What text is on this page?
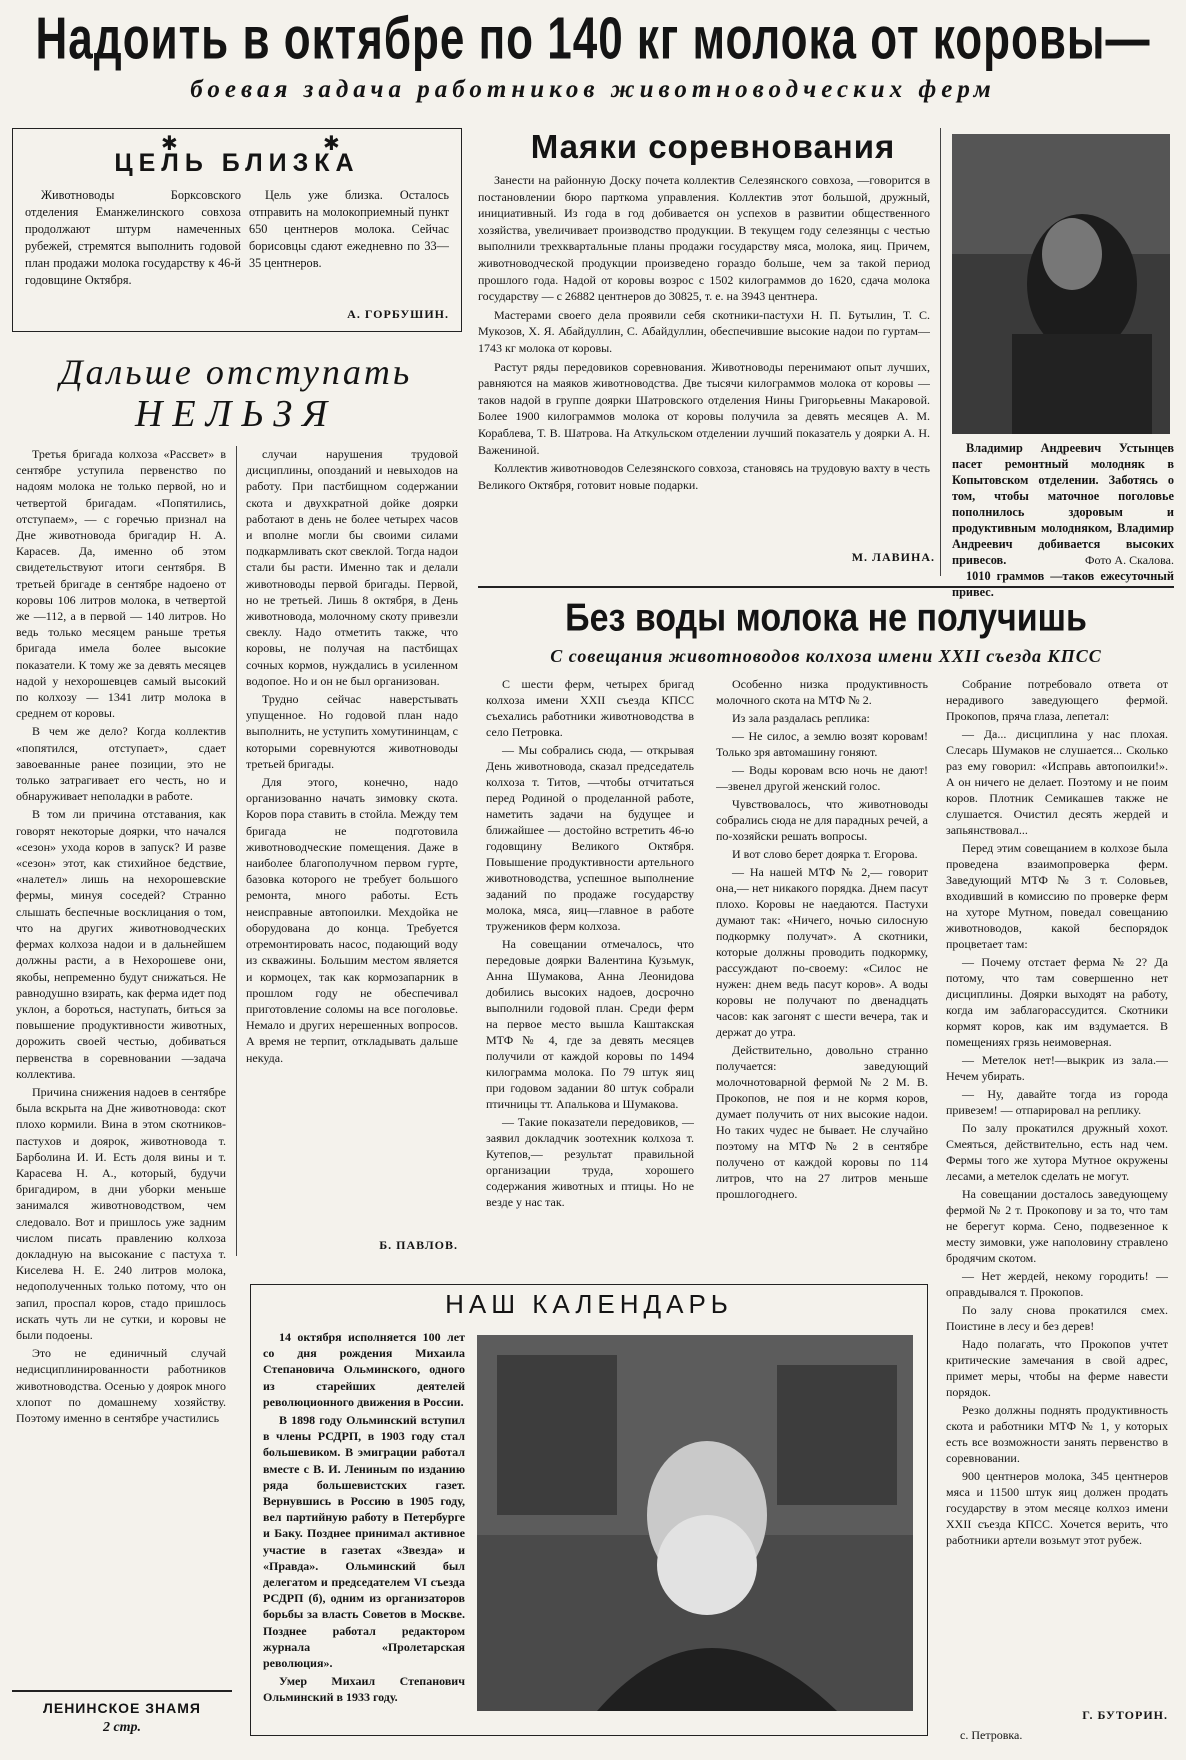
Надоить в октябре по 140 кг молока от коровы—
боевая задача работников животноводческих ферм
✱	✱
ЦЕЛЬ БЛИЗКА

Животноводы Борксовского отделения Еманжелинского совхоза продолжают штурм намеченных рубежей, стремятся выполнить годовой план продажи молока государству к 46-й годовщине Октября.

Цель уже близка. Осталось отправить на молокоприемный пункт 650 центнеров молока. Сейчас борисовцы сдают ежедневно по 33—35 центнеров.

А. ГОРБУШИН.
Маяки соревнования

Занести на районную Доску почета коллектив Селезянского совхоза, —говорится в постановлении бюро парткома управления. Коллектив этот большой, дружный, инициативный. Из года в год добивается он успехов в развитии общественного хозяйства, увеличивает производство продукции. В текущем году селезянцы с честью выполнили трехквартальные планы продажи государству мяса, молока, яиц. Причем, животноводческой продукции произведено гораздо больше, чем за такой период прошлого года. Надой от коровы возрос с 1502 килограммов до 1620, сдача молока государству — с 26882 центнеров до 30825, т. е. на 3943 центнера.

Мастерами своего дела проявили себя скотники-пастухи Н. П. Бутылин, Т. С. Мукозов, Х. Я. Абайдуллин, С. Абайдуллин, обеспечившие высокие надои по гуртам—1743 кг молока от коровы.

Растут ряды передовиков соревнования. Животноводы перенимают опыт лучших, равняются на маяков животноводства. Две тысячи килограммов молока от коровы —таков надой в группе доярки Шатровского отделения Нины Григорьевны Макаровой. Более 1900 килограммов молока от коровы получила за девять месяцев А. М. Кораблева, Т. В. Шатрова. На Аткульском отделении лучший показатель у доярки А. Н. Важениной.

Коллектив животноводов Селезянского совхоза, становясь на трудовую вахту в честь Великого Октября, готовит новые подарки.

М. ЛАВИНА.

Владимир Андреевич Устынцев пасет ремонтный молодняк в Копытовском отделении. Заботясь о том, чтобы маточное поголовье пополнилось здоровым и продуктивным молодняком, Владимир Андреевич добивается высоких привесов.

1010 граммов —таков ежесуточный привес.

Фото А. Скалова.
Дальше отступать
НЕЛЬЗЯ

Третья бригада колхоза «Рассвет» в сентябре уступила первенство по надоям молока не только первой, но и четвертой бригадам. «Попятились, отступаем», — с горечью признал на Дне животновода бригадир Н. А. Карасев. Да, именно об этом свидетельствуют итоги сентября. В третьей бригаде в сентябре надоено от коровы 106 литров молока, в четвертой же —112, а в первой — 140 литров. Но ведь только месяцем раньше третья бригада имела более высокие показатели. К тому же за девять месяцев надой у нехорошевцев самый высокий по колхозу — 1341 литр молока в среднем от коровы.

В чем же дело? Когда коллектив «попятился, отступает», сдает завоеванные ранее позиции, это не только затрагивает его честь, но и обнаруживает неполадки в работе.

В том ли причина отставания, как говорят некоторые доярки, что начался «сезон» ухода коров в запуск? И разве «сезон» этот, как стихийное бедствие, «налетел» лишь на нехорошевские фермы, минуя соседей? Странно слышать беспечные восклицания о том, что на других животноводческих фермах колхоза надои и в дальнейшем должны расти, а в Нехорошеве они, якобы, непременно будут снижаться. Не равнодушно взирать, как ферма идет под уклон, а бороться, наступать, биться за повышение продуктивности животных, дорожить своей честью, добиваться первенства в соревновании —задача коллектива.

Причина снижения надоев в сентябре была вскрыта на Дне животновода: скот плохо кормили. Вина в этом скотников-пастухов и доярок, животновода т. Барболина И. И. Есть доля вины и т. Карасева Н. А., который, будучи бригадиром, в дни уборки меньше занимался животноводством, чем следовало. Вот и пришлось уже задним числом писать правлению колхоза докладную на высокание с пастуха т. Киселева Н. Е. 240 литров молока, недополученных только потому, что он запил, проспал коров, стадо пришлось искать чуть ли не сутки, и коровы не были подоены.

Это не единичный случай недисциплинированности работников животноводства. Осенью у доярок много хлопот по домашнему хозяйству. Поэтому именно в сентябре участились

случаи нарушения трудовой дисциплины, опозданий и невыходов на работу. При пастбищном содержании скота и двухкратной дойке доярки работают в день не более четырех часов и вполне могли бы своими силами подкармливать скот свеклой. Тогда надои стали бы расти. Именно так и делали животноводы первой бригады. Первой, но не третьей. Лишь 8 октября, в День животновода, молочному скоту привезли свеклу. Надо отметить также, что коровы, не получая на пастбищах сочных кормов, нуждались в усиленном водопое. Но и он не был организован.

Трудно сейчас наверстывать упущенное. Но годовой план надо выполнить, не уступить хомутининцам, с которыми соревнуются животноводы третьей бригады.

Для этого, конечно, надо организованно начать зимовку скота. Коров пора ставить в стойла. Между тем бригада не подготовила животноводческие помещения. Даже в наиболее благополучном первом гурте, базовка которого не требует большого ремонта, много работы. Есть неисправные автопоилки. Мехдойка не оборудована до конца. Требуется отремонтировать насос, подающий воду из скважины. Большим местом является и кормоцех, так как кормозапарник в прошлом году не обеспечивал приготовление соломы на все поголовье. Немало и других нерешенных вопросов. А время не терпит, откладывать дальше некуда.

Б. ПАВЛОВ.
Без воды молока не получишь
С совещания животноводов колхоза имени XXII съезда КПСС

С шести ферм, четырех бригад колхоза имени XXII съезда КПСС съехались работники животноводства в село Петровка.

— Мы собрались сюда, — открывая День животновода, сказал председатель колхоза т. Титов, —чтобы отчитаться перед Родиной о проделанной работе, наметить задачи на будущее и ближайшее — достойно встретить 46-ю годовщину Великого Октября. Повышение продуктивности артельного животноводства, успешное выполнение заданий по продаже государству молока, мяса, яиц—главное в работе тружеников ферм колхоза.

На совещании отмечалось, что передовые доярки Валентина Кузьмук, Анна Шумакова, Анна Леонидова добились высоких надоев, досрочно выполнили годовой план. Среди ферм на первое место вышла Каштакская МТФ № 4, где за девять месяцев получили от каждой коровы по 1494 килограмма молока. По 79 штук яиц при годовом задании 80 штук собрали птичницы тт. Апалькова и Шумакова.

— Такие показатели передовиков, — заявил докладчик зоотехник колхоза т. Кутепов,— результат правильной организации труда, хорошего содержания животных и птицы. Но не везде у нас так.

Особенно низка продуктивность молочного скота на МТФ № 2.

Из зала раздалась реплика:

— Не силос, а землю возят коровам! Только зря автомашину гоняют.

— Воды коровам всю ночь не дают!—звенел другой женский голос.

Чувствовалось, что животноводы собрались сюда не для парадных речей, а по-хозяйски решать вопросы.

И вот слово берет доярка т. Егорова.

— На нашей МТФ № 2,— говорит она,— нет никакого порядка. Днем пасут плохо. Коровы не наедаются. Пастухи думают так: «Ничего, ночью силосную подкормку получат». А скотники, которые должны проводить подкормку, рассуждают по-своему: «Силос не нужен: днем ведь пасут коров». А воды коровы не получают по двенадцать часов: как загонят с шести вечера, так и держат до утра.

Действительно, довольно странно получается: заведующий молочнотоварной фермой № 2 М. В. Прокопов, не поя и не кормя коров, думает получить от них высокие надои. Но таких чудес не бывает. Не случайно поэтому на МТФ № 2 в сентябре получено от каждой коровы по 114 литров, что на 27 литров меньше прошлогоднего.

Собрание потребовало ответа от нерадивого заведующего фермой. Прокопов, пряча глаза, лепетал:

— Да... дисциплина у нас плохая. Слесарь Шумаков не слушается... Сколько раз ему говорил: «Исправь автопоилки!». А он ничего не делает. Поэтому и не поим коров. Плотник Семикашев также не слушается. Очистил десять жердей и запьянствовал...

Перед этим совещанием в колхозе была проведена взаимопроверка ферм. Заведующий МТФ № 3 т. Соловьев, входивший в комиссию по проверке ферм на хуторе Мутном, поведал совещанию животноводов, какой беспорядок процветает там:

— Почему отстает ферма № 2? Да потому, что там совершенно нет дисциплины. Доярки выходят на работу, когда им заблагорассудится. Скотники кормят коров, как им вздумается. В помещениях грязь неимоверная.

— Метелок нет!—выкрик из зала.— Нечем убирать.

— Ну, давайте тогда из города привезем! — отпарировал на реплику.

По залу прокатился дружный хохот. Смеяться, действительно, есть над чем. Фермы того же хутора Мутное окружены лесами, а метелок сделать не могут.

На совещании досталось заведующему фермой № 2 т. Прокопову и за то, что там не берегут корма. Сено, подвезенное к месту зимовки, уже наполовину стравлено бродячим скотом.

— Нет жердей, некому городить! — оправдывался т. Прокопов.

По залу снова прокатился смех. Поистине в лесу и без дерев!

Надо полагать, что Прокопов учтет критические замечания в свой адрес, примет меры, чтобы на ферме навести порядок.

Резко должны поднять продуктивность скота и работники МТФ № 1, у которых есть все возможности занять первенство в соревновании.

900 центнеров молока, 345 центнеров мяса и 11500 штук яиц должен продать государству в этом месяце колхоз имени XXII съезда КПСС. Хочется верить, что работники артели возьмут этот рубеж.

Г. БУТОРИН.
с. Петровка.
НАШ КАЛЕНДАРЬ

14 октября исполняется 100 лет со дня рождения Михаила Степановича Ольминского, одного из старейших деятелей революционного движения в России.

В 1898 году Ольминский вступил в члены РСДРП, в 1903 году стал большевиком. В эмиграции работал вместе с В. И. Лениным по изданию ряда большевистских газет. Вернувшись в Россию в 1905 году, вел партийную работу в Петербурге и Баку. Позднее принимал активное участие в газетах «Звезда» и «Правда». Ольминский был делегатом и председателем VI съезда РСДРП (б), одним из организаторов борьбы за власть Советов в Москве. Позднее работал редактором журнала «Пролетарская революция».

Умер Михаил Степанович Ольминский в 1933 году.

ЛЕНИНСКОЕ ЗНАМЯ
2 стр.
